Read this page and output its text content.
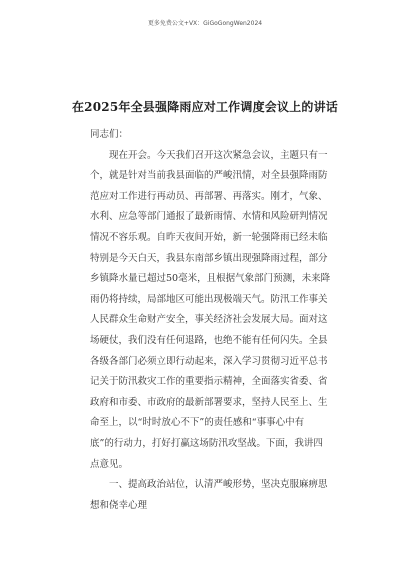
更多免费公文+VX：GiGoGongWen2024
在2025年全县强降雨应对工作调度会议上的讲话

同志们：

　　现在开会。今天我们召开这次紧急会议，主题只有一

个，就是针对当前我县面临的严峻汛情，对全县强降雨防

范应对工作进行再动员、再部署、再落实。刚才，气象、

水利、应急等部门通报了最新雨情、水情和风险研判情况

情况不容乐观。自昨天夜间开始，新一轮强降雨已经未临

特别是今天白天，我县东南部乡镇出现强降雨过程，部分

乡镇降水量已超过50毫米，且根据气象部门预测，未来降

雨仍将持续，局部地区可能出现极端天气。防汛工作事关

人民群众生命财产安全，事关经济社会发展大局。面对这

场硬仗，我们没有任何退路，也绝不能有任何闪失。全县

各级各部门必须立即行动起来，深入学习贯彻习近平总书

记关于防汛救灾工作的重要指示精神，全面落实省委、省

政府和市委、市政府的最新部署要求，坚持人民至上、生

命至上，以“时时放心不下”的责任感和“事事心中有

底”的行动力，打好打赢这场防汛攻坚战。下面，我讲四

点意见。

　　一、提高政治站位，认清严峻形势，坚决克服麻痹思

想和侥幸心理
